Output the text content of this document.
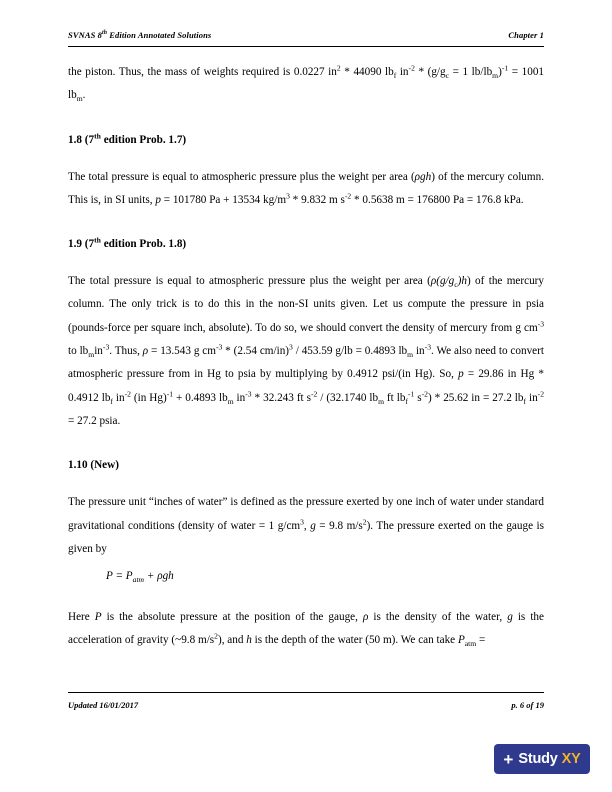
SVNAS 8th Edition Annotated Solutions	Chapter 1

the piston. Thus, the mass of weights required is 0.0227 $in^2 * 44090$ $lb_f$ $in^{-2} * (g/g_c = 1$ $lb/lb_m)^{-1} = 1001$ $lb_m$.

1.8 (7th edition Prob. 1.7)

The total pressure is equal to atmospheric pressure plus the weight per area (ρgh) of the mercury column. This is, in SI units, p = 101780 Pa + 13534 $kg/m^3 * 9.832$ m $s^{-2} * 0.5638$ m = 176800 Pa = 176.8 kPa.

1.9 (7th edition Prob. 1.8)

The total pressure is equal to atmospheric pressure plus the weight per area $(\rho(g/g_c)h)$ of the mercury column. The only trick is to do this in the non-SI units given. Let us compute the pressure in psia (pounds-force per square inch, absolute). To do so, we should convert the density of mercury from g $cm^{-3}$ to $lb_min^{-3}$. Thus, ρ = 13.543 g $cm^{-3} * (2.54$ cm/in)$^3$ / 453.59 g/lb = 0.4893 $lb_m$ $in^{-3}$. We also need to convert atmospheric pressure from in Hg to psia by multiplying by 0.4912 psi/(in Hg). So, p = 29.86 in Hg * 0.4912 $lb_f$ $in^{-2}$ (in Hg)$^{-1}$ + 0.4893 $lb_m$ $in^{-3} * 32.243$ ft $s^{-2} / (32.1740$ $lb_m$ ft $lb_f^{-1}$ $s^{-2}) * 25.62$ in = 27.2 $lb_f$ $in^{-2} = 27.2$ psia.

1.10 (New)

The pressure unit “inches of water” is defined as the pressure exerted by one inch of water under standard gravitational conditions (density of water = 1 $g/cm^3$, g = 9.8 $m/s^2$). The pressure exerted on the gauge is given by

$P = P_{atm} + \rho gh$

Here P is the absolute pressure at the position of the gauge, ρ is the density of the water, g is the acceleration of gravity (~9.8 $m/s^2$), and h is the depth of the water (50 m). We can take $P_{atm}$ =

Updated 16/01/2017	p. 6 of 19
+ Study XY
